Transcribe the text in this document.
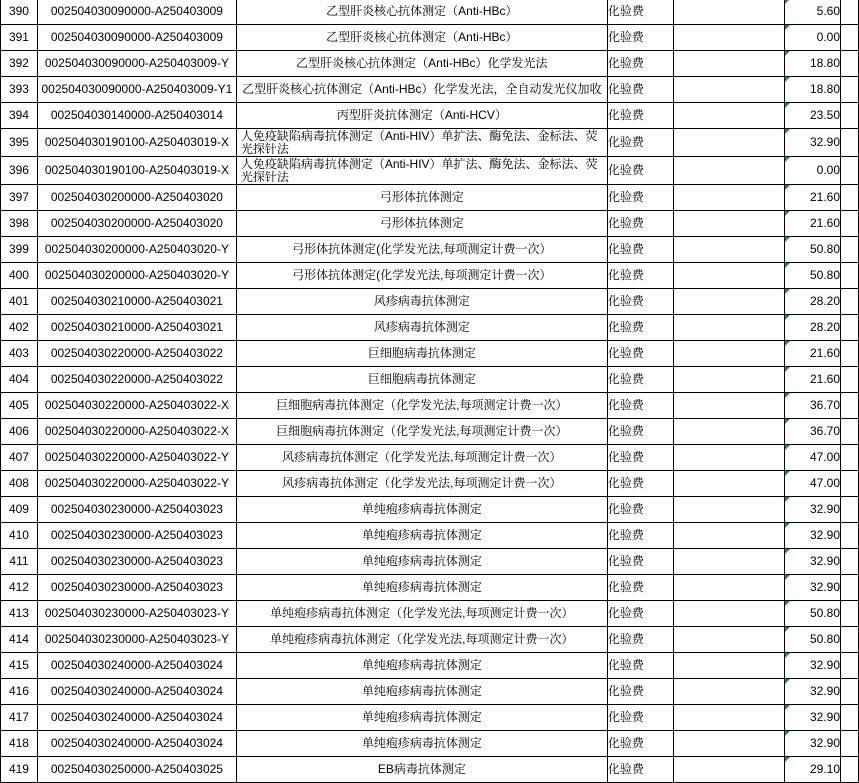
390	002504030090000-A250403009	乙型肝炎核心抗体测定（Anti-HBc）	化验费		5.60	
391	002504030090000-A250403009	乙型肝炎核心抗体测定（Anti-HBc）	化验费		0.00	
392	002504030090000-A250403009-Y	乙型肝炎核心抗体测定（Anti-HBc）化学发光法	化验费		18.80	
393	002504030090000-A250403009-Y1	乙型肝炎核心抗体测定（Anti-HBc）化学发光法，全自动发光仪加收	化验费		18.80	
394	002504030140000-A250403014	丙型肝炎抗体测定（Anti-HCV）	化验费		23.50	
395	002504030190100-A250403019-X	人免疫缺陷病毒抗体测定（Anti-HIV）单扩法、酶免法、金标法、荧光探针法	化验费		32.90	
396	002504030190100-A250403019-X	人免疫缺陷病毒抗体测定（Anti-HIV）单扩法、酶免法、金标法、荧光探针法	化验费		0.00	
397	002504030200000-A250403020	弓形体抗体测定	化验费		21.60	
398	002504030200000-A250403020	弓形体抗体测定	化验费		21.60	
399	002504030200000-A250403020-Y	弓形体抗体测定(化学发光法,每项测定计费一次）	化验费		50.80	
400	002504030200000-A250403020-Y	弓形体抗体测定(化学发光法,每项测定计费一次）	化验费		50.80	
401	002504030210000-A250403021	风疹病毒抗体测定	化验费		28.20	
402	002504030210000-A250403021	风疹病毒抗体测定	化验费		28.20	
403	002504030220000-A250403022	巨细胞病毒抗体测定	化验费		21.60	
404	002504030220000-A250403022	巨细胞病毒抗体测定	化验费		21.60	
405	002504030220000-A250403022-X	巨细胞病毒抗体测定（化学发光法,每项测定计费一次）	化验费		36.70	
406	002504030220000-A250403022-X	巨细胞病毒抗体测定（化学发光法,每项测定计费一次）	化验费		36.70	
407	002504030220000-A250403022-Y	风疹病毒抗体测定（化学发光法,每项测定计费一次）	化验费		47.00	
408	002504030220000-A250403022-Y	风疹病毒抗体测定（化学发光法,每项测定计费一次）	化验费		47.00	
409	002504030230000-A250403023	单纯疱疹病毒抗体测定	化验费		32.90	
410	002504030230000-A250403023	单纯疱疹病毒抗体测定	化验费		32.90	
411	002504030230000-A250403023	单纯疱疹病毒抗体测定	化验费		32.90	
412	002504030230000-A250403023	单纯疱疹病毒抗体测定	化验费		32.90	
413	002504030230000-A250403023-Y	单纯疱疹病毒抗体测定（化学发光法,每项测定计费一次）	化验费		50.80	
414	002504030230000-A250403023-Y	单纯疱疹病毒抗体测定（化学发光法,每项测定计费一次）	化验费		50.80	
415	002504030240000-A250403024	单纯疱疹病毒抗体测定	化验费		32.90	
416	002504030240000-A250403024	单纯疱疹病毒抗体测定	化验费		32.90	
417	002504030240000-A250403024	单纯疱疹病毒抗体测定	化验费		32.90	
418	002504030240000-A250403024	单纯疱疹病毒抗体测定	化验费		32.90	
419	002504030250000-A250403025	EB病毒抗体测定	化验费		29.10	
